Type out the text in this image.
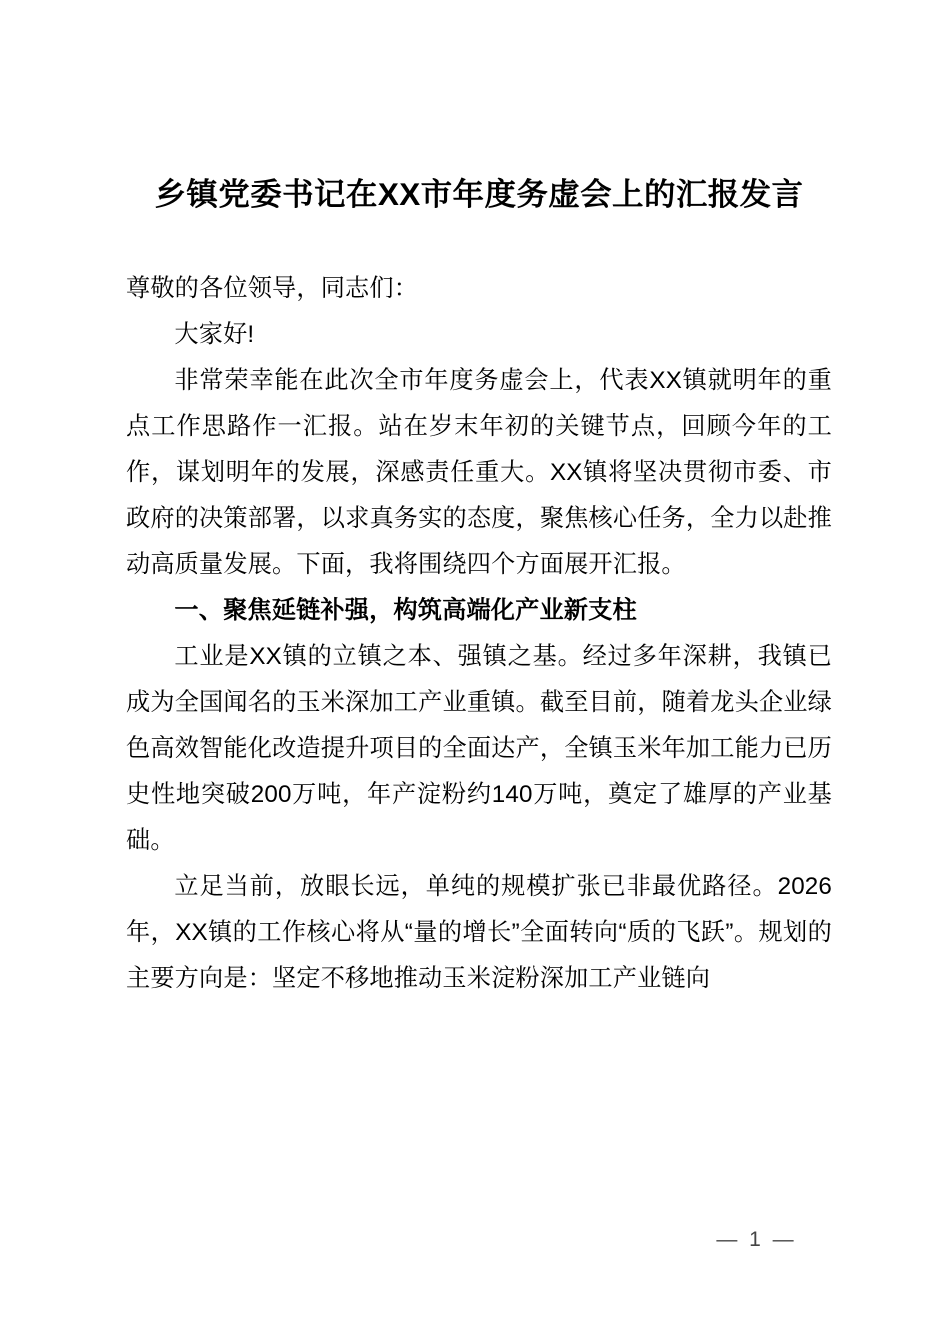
乡镇党委书记在XX市年度务虚会上的汇报发言

尊敬的各位领导，同志们：

大家好!

非常荣幸能在此次全市年度务虚会上，代表XX镇就明年的重点工作思路作一汇报。站在岁末年初的关键节点，回顾今年的工作，谋划明年的发展，深感责任重大。XX镇将坚决贯彻市委、市政府的决策部署，以求真务实的态度，聚焦核心任务，全力以赴推动高质量发展。下面，我将围绕四个方面展开汇报。

一、聚焦延链补强，构筑高端化产业新支柱

工业是XX镇的立镇之本、强镇之基。经过多年深耕，我镇已成为全国闻名的玉米深加工产业重镇。截至目前，随着龙头企业绿色高效智能化改造提升项目的全面达产，全镇玉米年加工能力已历史性地突破200万吨，年产淀粉约140万吨，奠定了雄厚的产业基础。

立足当前，放眼长远，单纯的规模扩张已非最优路径。2026年，XX镇的工作核心将从“量的增长”全面转向“质的飞跃”。规划的主要方向是：坚定不移地推动玉米淀粉深加工产业链向

— 1 —
